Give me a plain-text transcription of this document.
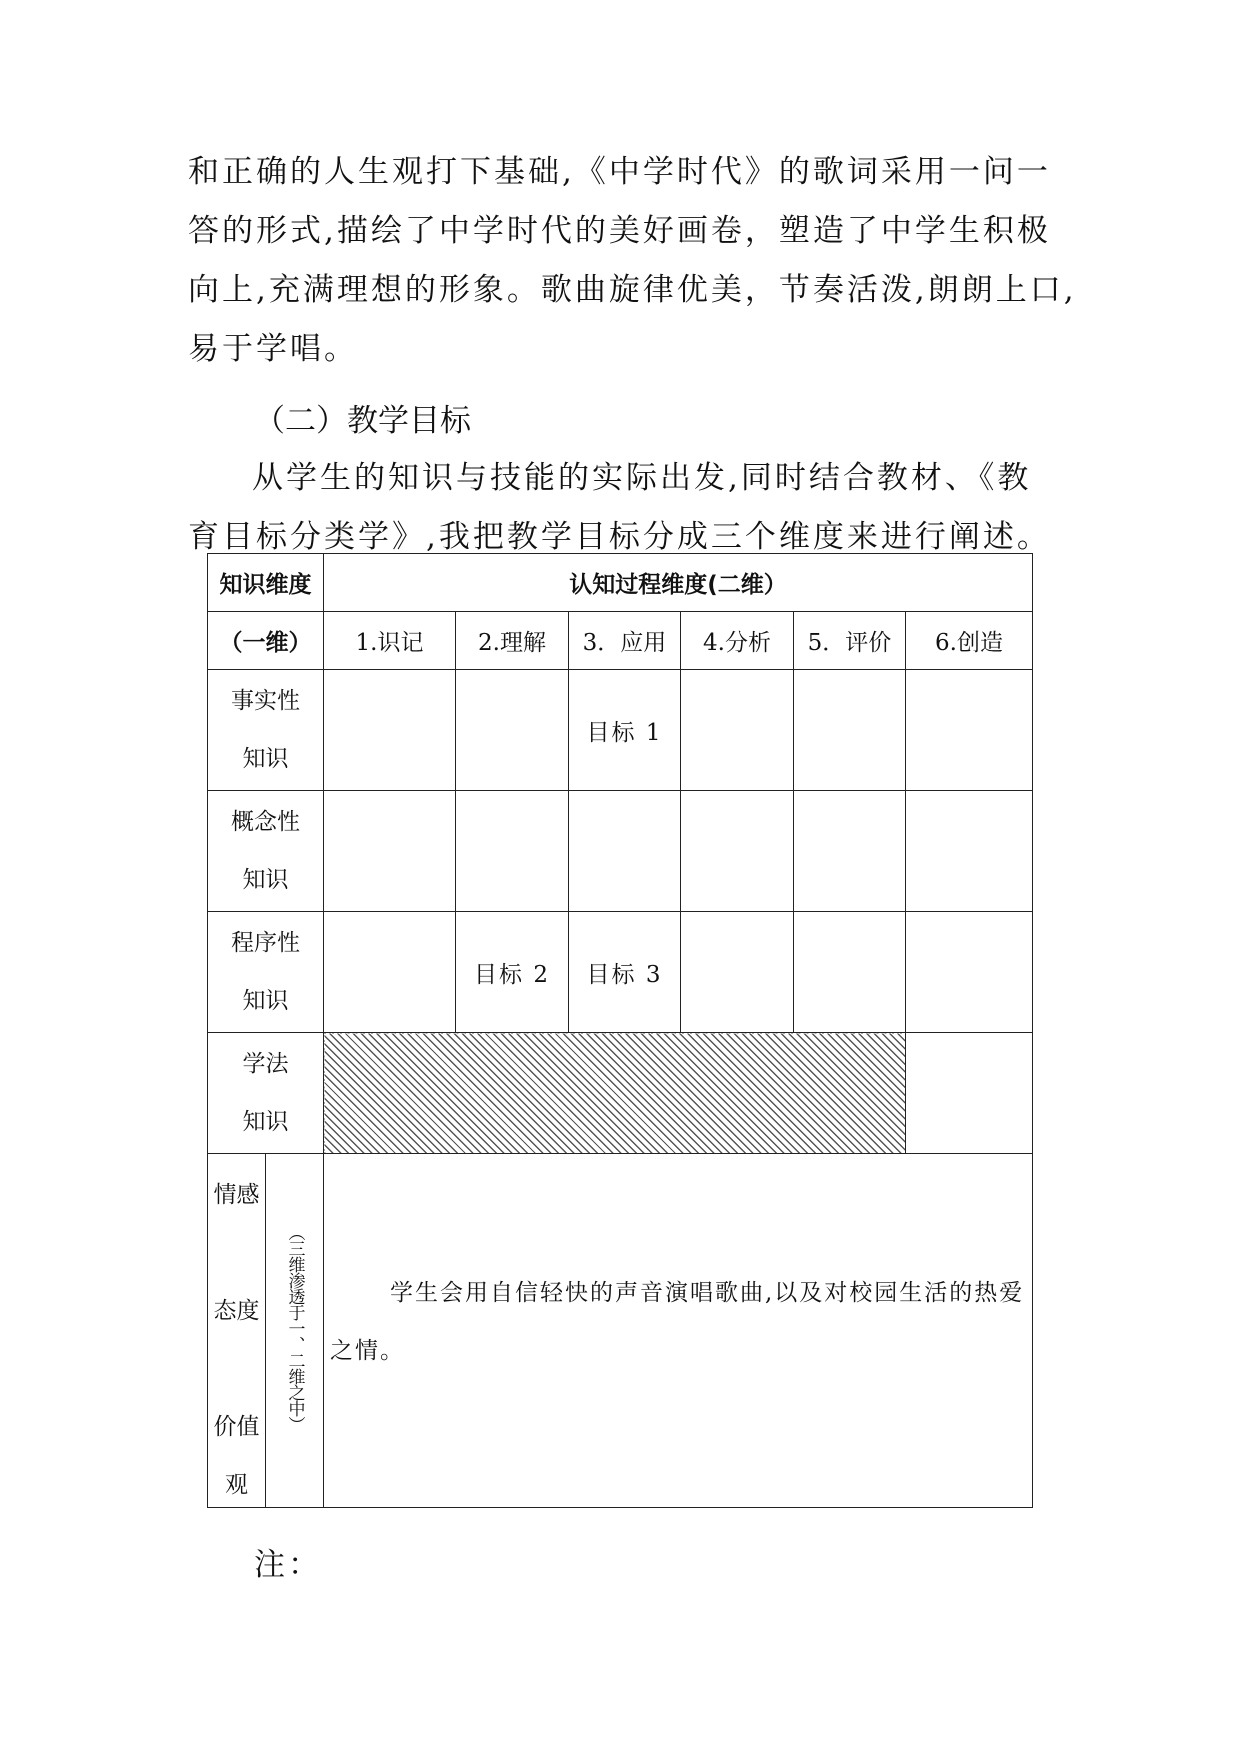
和正确的人生观打下基础,《中学时代》的歌词采用一问一
答的形式,描绘了中学时代的美好画卷，塑造了中学生积极
向上,充满理想的形象。歌曲旋律优美，节奏活泼,朗朗上口,
易于学唱。
（二）教学目标
从学生的知识与技能的实际出发,同时结合教材、《教
育目标分类学》,我把教学目标分成三个维度来进行阐述。
知识维度		认知过程维度(二维）					
（一维）		1.识记	2.理解	3．应用	4.分析	5．评价	6.创造

事实性
知识				目标 1			

概念性
知识							

程序性
知识			目标 2	目标 3			

学法
知识							

情感
态度
价值
观	（三维渗透于一、二维之中）	学生会用自信轻快的声音演唱歌曲,以及对校园生活的热爱之情。					
注：
